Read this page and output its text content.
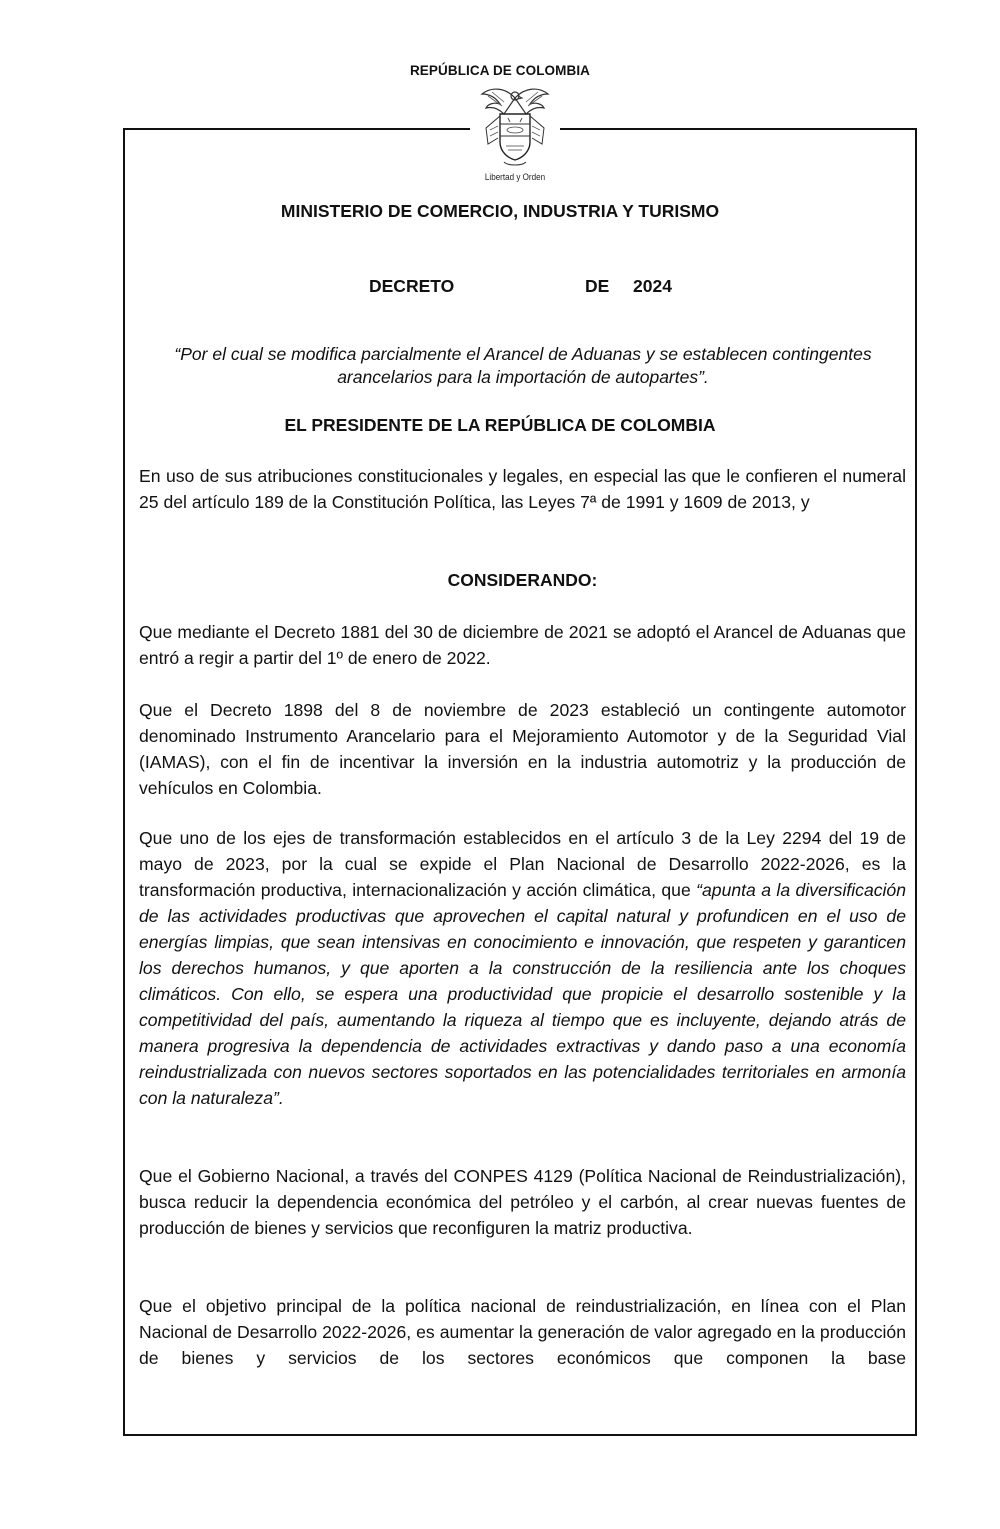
REPÚBLICA DE COLOMBIA
Libertad y Orden
MINISTERIO DE COMERCIO, INDUSTRIA Y TURISMO
DECRETO	DE 2024
“Por el cual se modifica parcialmente el Arancel de Aduanas y se establecen contingentes arancelarios para la importación de autopartes”.
EL PRESIDENTE DE LA REPÚBLICA DE COLOMBIA
En uso de sus atribuciones constitucionales y legales, en especial las que le confieren el numeral 25 del artículo 189 de la Constitución Política, las Leyes 7ª de 1991 y 1609 de 2013, y
CONSIDERANDO:
Que mediante el Decreto 1881 del 30 de diciembre de 2021 se adoptó el Arancel de Aduanas que entró a regir a partir del 1º de enero de 2022.
Que el Decreto 1898 del 8 de noviembre de 2023 estableció un contingente automotor denominado Instrumento Arancelario para el Mejoramiento Automotor y de la Seguridad Vial (IAMAS), con el fin de incentivar la inversión en la industria automotriz y la producción de vehículos en Colombia.
Que uno de los ejes de transformación establecidos en el artículo 3 de la Ley 2294 del 19 de mayo de 2023, por la cual se expide el Plan Nacional de Desarrollo 2022-2026, es la transformación productiva, internacionalización y acción climática, que “apunta a la diversificación de las actividades productivas que aprovechen el capital natural y profundicen en el uso de energías limpias, que sean intensivas en conocimiento e innovación, que respeten y garanticen los derechos humanos, y que aporten a la construcción de la resiliencia ante los choques climáticos. Con ello, se espera una productividad que propicie el desarrollo sostenible y la competitividad del país, aumentando la riqueza al tiempo que es incluyente, dejando atrás de manera progresiva la dependencia de actividades extractivas y dando paso a una economía reindustrializada con nuevos sectores soportados en las potencialidades territoriales en armonía con la naturaleza”.
Que el Gobierno Nacional, a través del CONPES 4129 (Política Nacional de Reindustrialización), busca reducir la dependencia económica del petróleo y el carbón, al crear nuevas fuentes de producción de bienes y servicios que reconfiguren la matriz productiva.
Que el objetivo principal de la política nacional de reindustrialización, en línea con el Plan Nacional de Desarrollo 2022-2026, es aumentar la generación de valor agregado en la producción de bienes y servicios de los sectores económicos que componen la base
